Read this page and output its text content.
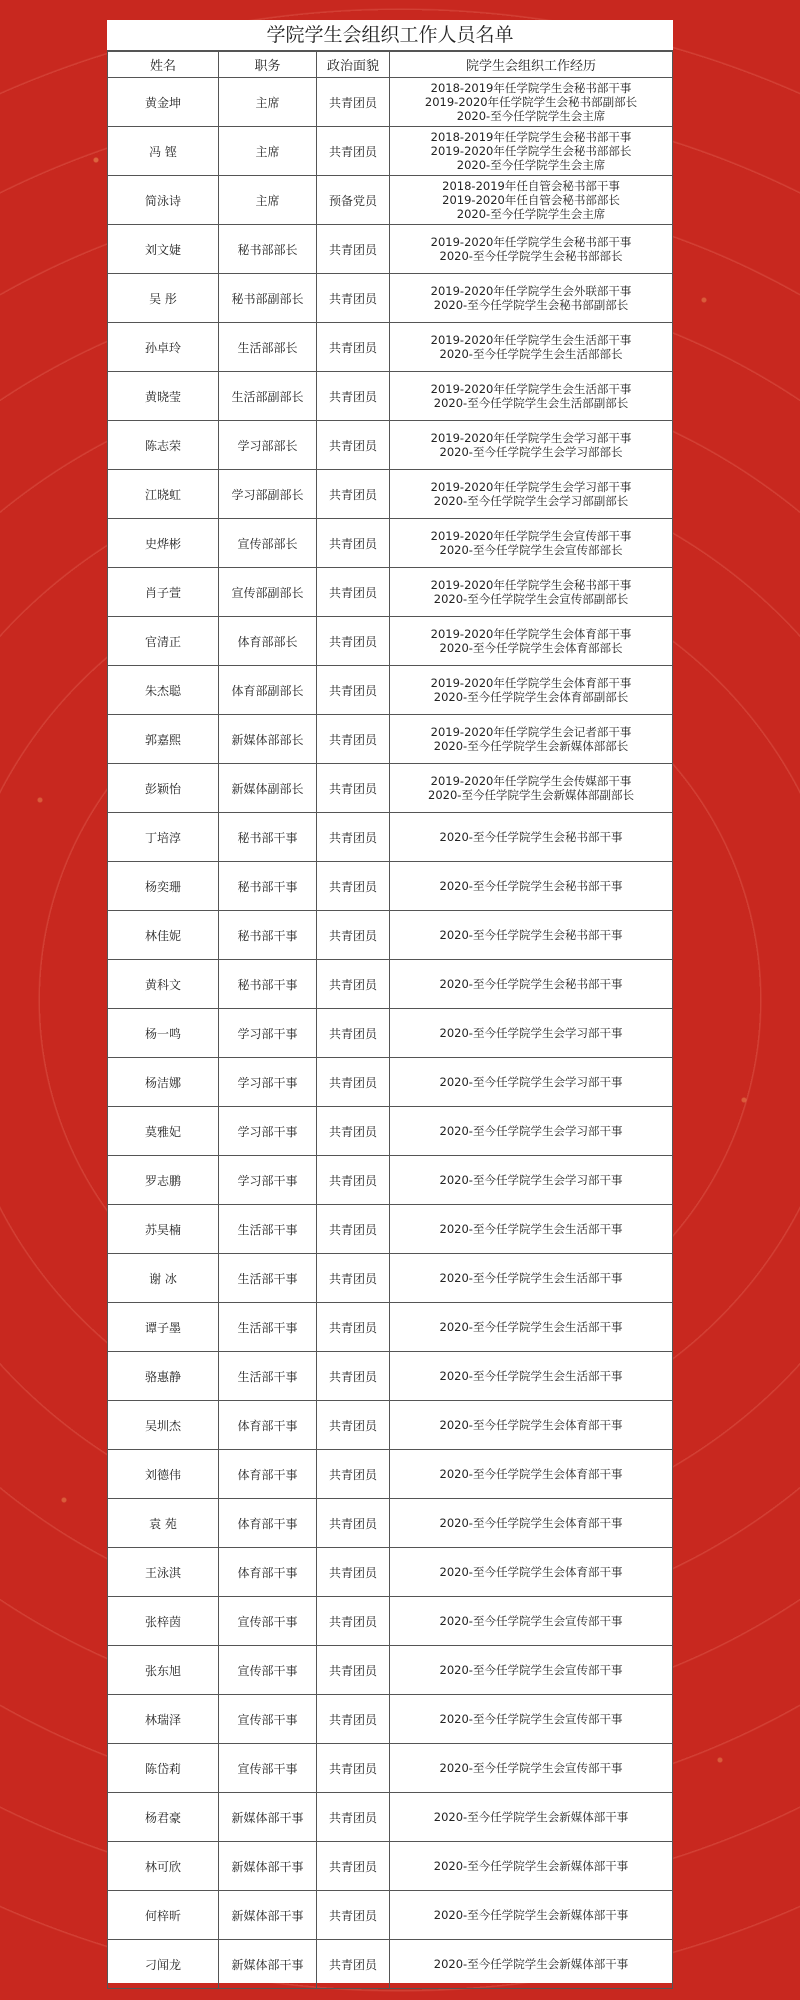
学院学生会组织工作人员名单
姓名	职务	政治面貌	院学生会组织工作经历
黄金坤	主席	共青团员	2018-2019年任学院学生会秘书部干事
2019-2020年任学院学生会秘书部副部长
2020-至今任学院学生会主席

冯 铿	主席	共青团员	2018-2019年任学院学生会秘书部干事
2019-2020年任学院学生会秘书部部长
2020-至今任学院学生会主席

简泳诗	主席	预备党员	2018-2019年任自管会秘书部干事
2019-2020年任自管会秘书部部长
2020-至今任学院学生会主席

刘文婕	秘书部部长	共青团员	2019-2020年任学院学生会秘书部干事
2020-至今任学院学生会秘书部部长

吴 彤	秘书部副部长	共青团员	2019-2020年任学院学生会外联部干事
2020-至今任学院学生会秘书部副部长

孙卓玲	生活部部长	共青团员	2019-2020年任学院学生会生活部干事
2020-至今任学院学生会生活部部长

黄晓莹	生活部副部长	共青团员	2019-2020年任学院学生会生活部干事
2020-至今任学院学生会生活部副部长

陈志荣	学习部部长	共青团员	2019-2020年任学院学生会学习部干事
2020-至今任学院学生会学习部部长

江晓虹	学习部副部长	共青团员	2019-2020年任学院学生会学习部干事
2020-至今任学院学生会学习部副部长

史烨彬	宣传部部长	共青团员	2019-2020年任学院学生会宣传部干事
2020-至今任学院学生会宣传部部长

肖子萱	宣传部副部长	共青团员	2019-2020年任学院学生会秘书部干事
2020-至今任学院学生会宣传部副部长

官清正	体育部部长	共青团员	2019-2020年任学院学生会体育部干事
2020-至今任学院学生会体育部部长

朱杰聪	体育部副部长	共青团员	2019-2020年任学院学生会体育部干事
2020-至今任学院学生会体育部副部长

郭嘉熙	新媒体部部长	共青团员	2019-2020年任学院学生会记者部干事
2020-至今任学院学生会新媒体部部长

彭颖怡	新媒体副部长	共青团员	2019-2020年任学院学生会传媒部干事
2020-至今任学院学生会新媒体部副部长

丁培淳	秘书部干事	共青团员	2020-至今任学院学生会秘书部干事

杨奕珊	秘书部干事	共青团员	2020-至今任学院学生会秘书部干事

林佳妮	秘书部干事	共青团员	2020-至今任学院学生会秘书部干事

黄科文	秘书部干事	共青团员	2020-至今任学院学生会秘书部干事

杨一鸣	学习部干事	共青团员	2020-至今任学院学生会学习部干事

杨洁娜	学习部干事	共青团员	2020-至今任学院学生会学习部干事

莫雅妃	学习部干事	共青团员	2020-至今任学院学生会学习部干事

罗志鹏	学习部干事	共青团员	2020-至今任学院学生会学习部干事

苏昊楠	生活部干事	共青团员	2020-至今任学院学生会生活部干事

谢 冰	生活部干事	共青团员	2020-至今任学院学生会生活部干事

谭子墨	生活部干事	共青团员	2020-至今任学院学生会生活部干事

骆惠静	生活部干事	共青团员	2020-至今任学院学生会生活部干事

吴圳杰	体育部干事	共青团员	2020-至今任学院学生会体育部干事

刘德伟	体育部干事	共青团员	2020-至今任学院学生会体育部干事

袁 苑	体育部干事	共青团员	2020-至今任学院学生会体育部干事

王泳淇	体育部干事	共青团员	2020-至今任学院学生会体育部干事

张梓茵	宣传部干事	共青团员	2020-至今任学院学生会宣传部干事

张东旭	宣传部干事	共青团员	2020-至今任学院学生会宣传部干事

林瑞泽	宣传部干事	共青团员	2020-至今任学院学生会宣传部干事

陈岱莉	宣传部干事	共青团员	2020-至今任学院学生会宣传部干事

杨君豪	新媒体部干事	共青团员	2020-至今任学院学生会新媒体部干事

林可欣	新媒体部干事	共青团员	2020-至今任学院学生会新媒体部干事

何梓昕	新媒体部干事	共青团员	2020-至今任学院学生会新媒体部干事

刁闻龙	新媒体部干事	共青团员	2020-至今任学院学生会新媒体部干事
